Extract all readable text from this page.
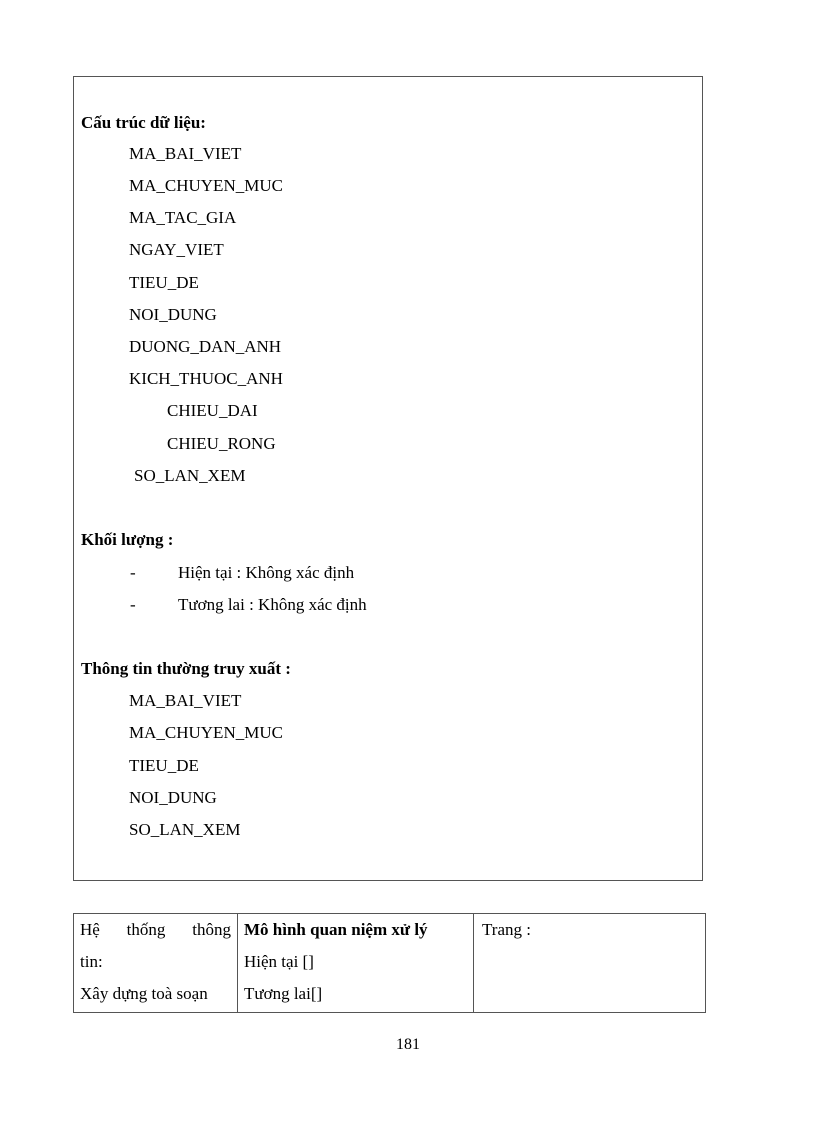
Cấu trúc dữ liệu:
MA_BAI_VIET
MA_CHUYEN_MUC
MA_TAC_GIA
NGAY_VIET
TIEU_DE
NOI_DUNG
DUONG_DAN_ANH
KICH_THUOC_ANH
CHIEU_DAI
CHIEU_RONG
SO_LAN_XEM
Khối lượng :
- Hiện tại : Không xác định
- Tương lai : Không xác định
Thông tin thường truy xuất :
MA_BAI_VIET
MA_CHUYEN_MUC
TIEU_DE
NOI_DUNG
SO_LAN_XEM
Hệ thống thông
tin:
Xây dựng toà soạn

Mô hình quan niệm xử lý
Hiện tại []
Tương lai[]

Trang :
181
